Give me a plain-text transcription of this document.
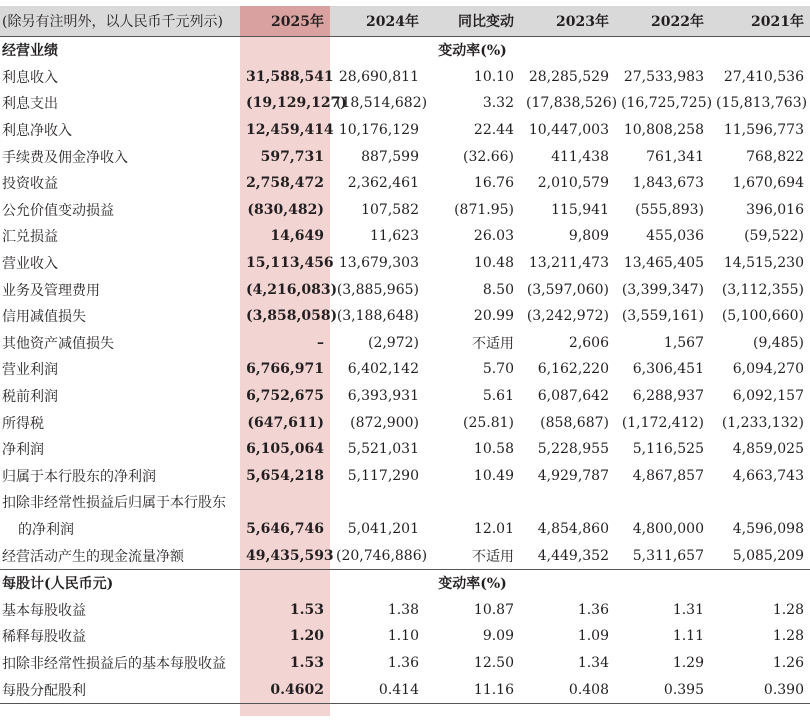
(除另有注明外，以人民币千元列示)	2025年	2024年	同比变动	2023年	2022年	2021年
经营业绩			变动率(%)			
利息收入	31,588,541	28,690,811	10.10	28,285,529	27,533,983	27,410,536
利息支出	(19,129,127)	(18,514,682)	3.32	(17,838,526)	(16,725,725)	(15,813,763)
利息净收入	12,459,414	10,176,129	22.44	10,447,003	10,808,258	11,596,773
手续费及佣金净收入	597,731	887,599	(32.66)	411,438	761,341	768,822
投资收益	2,758,472	2,362,461	16.76	2,010,579	1,843,673	1,670,694
公允价值变动损益	(830,482)	107,582	(871.95)	115,941	(555,893)	396,016
汇兑损益	14,649	11,623	26.03	9,809	455,036	(59,522)
营业收入	15,113,456	13,679,303	10.48	13,211,473	13,465,405	14,515,230
业务及管理费用	(4,216,083)	(3,885,965)	8.50	(3,597,060)	(3,399,347)	(3,112,355)
信用减值损失	(3,858,058)	(3,188,648)	20.99	(3,242,972)	(3,559,161)	(5,100,660)
其他资产减值损失	–	(2,972)	不适用	2,606	1,567	(9,485)
营业利润	6,766,971	6,402,142	5.70	6,162,220	6,306,451	6,094,270
税前利润	6,752,675	6,393,931	5.61	6,087,642	6,288,937	6,092,157
所得税	(647,611)	(872,900)	(25.81)	(858,687)	(1,172,412)	(1,233,132)
净利润	6,105,064	5,521,031	10.58	5,228,955	5,116,525	4,859,025
归属于本行股东的净利润	5,654,218	5,117,290	10.49	4,929,787	4,867,857	4,663,743
扣除非经常性损益后归属于本行股东						
的净利润	5,646,746	5,041,201	12.01	4,854,860	4,800,000	4,596,098
经营活动产生的现金流量净额	49,435,593	(20,746,886)	不适用	4,449,352	5,311,657	5,085,209
每股计(人民币元)			变动率(%)			
基本每股收益	1.53	1.38	10.87	1.36	1.31	1.28
稀释每股收益	1.20	1.10	9.09	1.09	1.11	1.28
扣除非经常性损益后的基本每股收益	1.53	1.36	12.50	1.34	1.29	1.26
每股分配股利	0.4602	0.414	11.16	0.408	0.395	0.390
